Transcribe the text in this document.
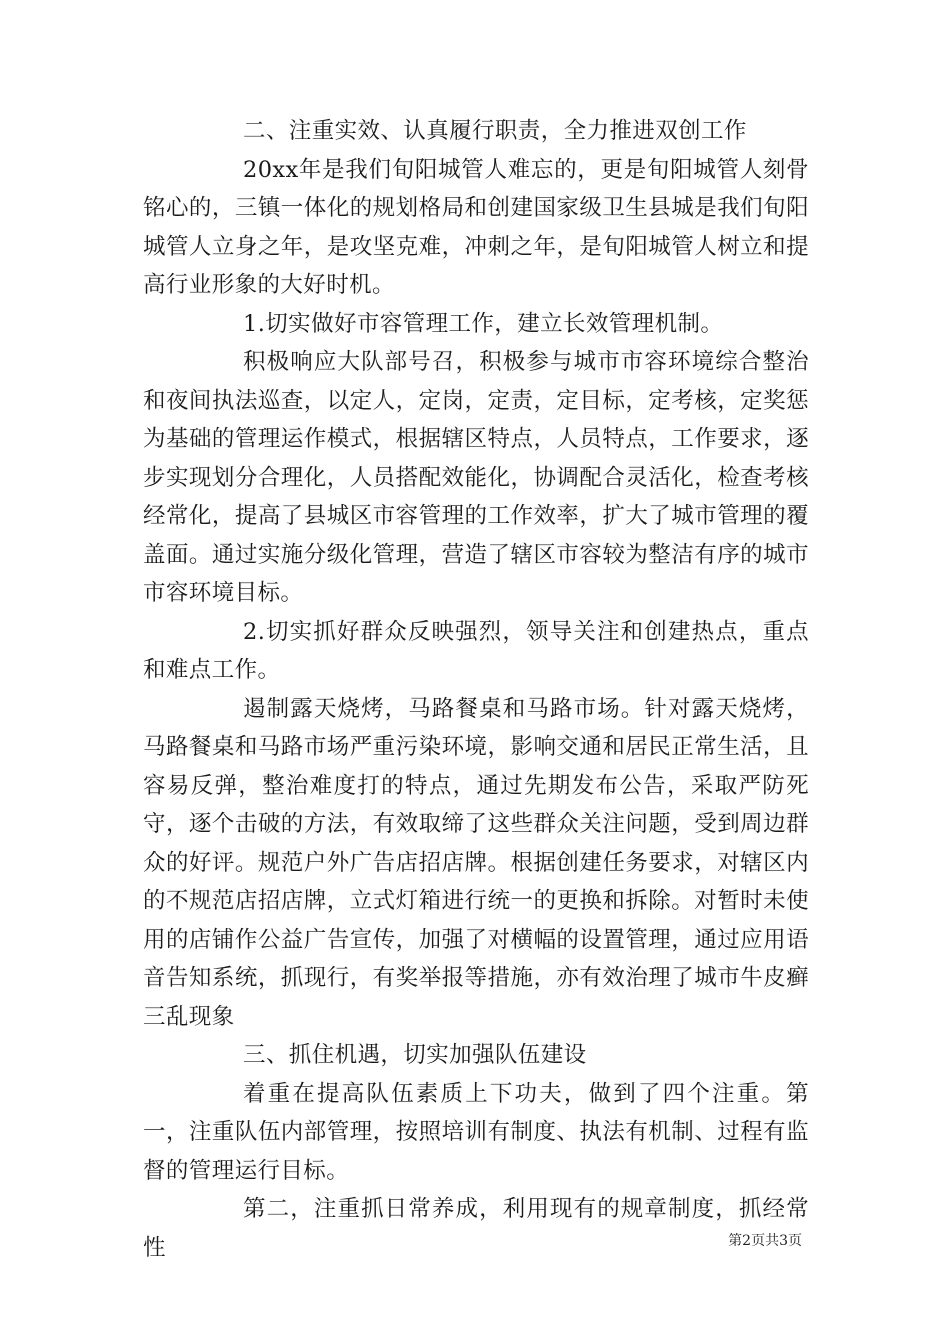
二、注重实效、认真履行职责，全力推进双创工作

20xx年是我们旬阳城管人难忘的，更是旬阳城管人刻骨铭心的，三镇一体化的规划格局和创建国家级卫生县城是我们旬阳城管人立身之年，是攻坚克难，冲刺之年，是旬阳城管人树立和提高行业形象的大好时机。

1.切实做好市容管理工作，建立长效管理机制。

积极响应大队部号召，积极参与城市市容环境综合整治和夜间执法巡查，以定人，定岗，定责，定目标，定考核，定奖惩为基础的管理运作模式，根据辖区特点，人员特点，工作要求，逐步实现划分合理化，人员搭配效能化，协调配合灵活化，检查考核经常化，提高了县城区市容管理的工作效率，扩大了城市管理的覆盖面。通过实施分级化管理，营造了辖区市容较为整洁有序的城市市容环境目标。

2.切实抓好群众反映强烈，领导关注和创建热点，重点和难点工作。

遏制露天烧烤，马路餐桌和马路市场。针对露天烧烤，马路餐桌和马路市场严重污染环境，影响交通和居民正常生活，且容易反弹，整治难度打的特点，通过先期发布公告，采取严防死守，逐个击破的方法，有效取缔了这些群众关注问题，受到周边群众的好评。规范户外广告店招店牌。根据创建任务要求，对辖区内的不规范店招店牌，立式灯箱进行统一的更换和拆除。对暂时未使用的店铺作公益广告宣传，加强了对横幅的设置管理，通过应用语音告知系统，抓现行，有奖举报等措施，亦有效治理了城市牛皮癣三乱现象

三、抓住机遇，切实加强队伍建设

着重在提高队伍素质上下功夫，做到了四个注重。第一，注重队伍内部管理，按照培训有制度、执法有机制、过程有监督的管理运行目标。

第二，注重抓日常养成，利用现有的规章制度，抓经常性	第2页共3页
